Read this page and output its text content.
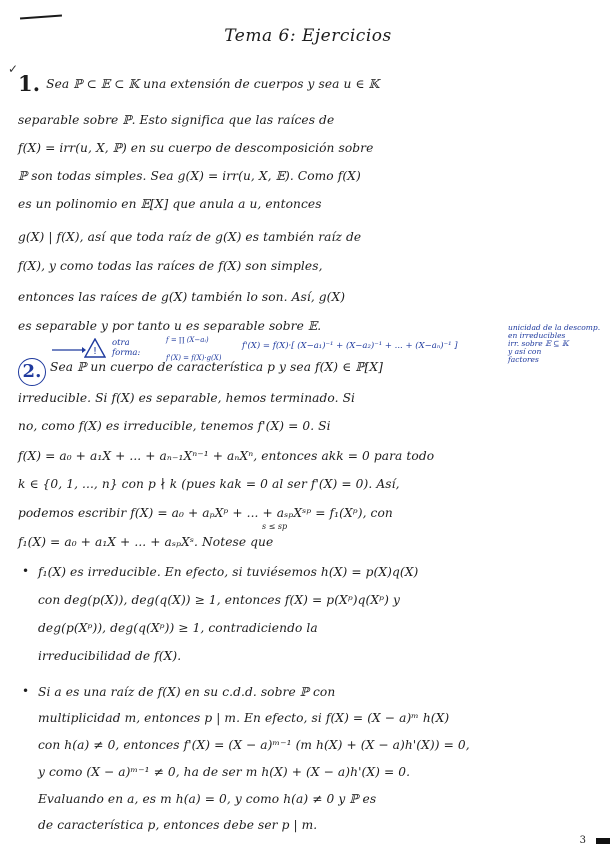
✓
Tema 6: Ejercicios
1. Sea ℙ ⊂ 𝔼 ⊂ 𝕂 una extensión de cuerpos y sea u ∈ 𝕂
separable sobre ℙ. Esto significa que las raíces de
f(X) = irr(u, X, ℙ) en su cuerpo de descomposición sobre
ℙ son todas simples. Sea g(X) = irr(u, X, 𝔼). Como f(X)
es un polinomio en 𝔼[X] que anula a u, entonces
g(X) | f(X), así que toda raíz de g(X) es también raíz de
f(X), y como todas las raíces de f(X) son simples,
entonces las raíces de g(X) también lo son. Así, g(X)
es separable y por tanto u es separable sobre 𝔼.	unicidad de la descomp.
en irreducibles
irr. sobre 𝔼 ⊆ 𝕂
y así con
factores
!
otra
forma:
f = ∏ (X−aᵢ)
f'(X) = f(X)·g(X)
f'(X) = f(X)·[ (X−a₁)⁻¹ + (X−a₂)⁻¹ + ... + (X−aₙ)⁻¹ ]
2. Sea ℙ un cuerpo de característica p y sea f(X) ∈ ℙ[X]
irreducible. Si f(X) es separable, hemos terminado. Si
no, como f(X) es irreducible, tenemos f'(X) = 0. Si
f(X) = a₀ + a₁X + ... + aₙ₋₁Xⁿ⁻¹ + aₙXⁿ, entonces akk = 0 para todo
k ∈ {0, 1, ..., n} con p ∤ k (pues kak = 0 al ser f'(X) = 0). Así,
podemos escribir f(X) = a₀ + aₚXᵖ + ... + aₛₚXˢᵖ = f₁(Xᵖ), con
s ≤ sp
f₁(X) = a₀ + a₁X + ... + aₛₚXˢ. Notese que
• f₁(X) es irreducible. En efecto, si tuviésemos h(X) = p(X)q(X)
con deg(p(X)), deg(q(X)) ≥ 1, entonces f(X) = p(Xᵖ)q(Xᵖ) y
deg(p(Xᵖ)), deg(q(Xᵖ)) ≥ 1, contradiciendo la
irreducibilidad de f(X).
• Si a es una raíz de f(X) en su c.d.d. sobre ℙ con
multiplicidad m, entonces p | m. En efecto, si f(X) = (X − a)ᵐ h(X)
con h(a) ≠ 0, entonces f'(X) = (X − a)ᵐ⁻¹ (m h(X) + (X − a)h'(X)) = 0,
y como (X − a)ᵐ⁻¹ ≠ 0, ha de ser m h(X) + (X − a)h'(X) = 0.
Evaluando en a, es m h(a) = 0, y como h(a) ≠ 0 y ℙ es
de característica p, entonces debe ser p | m.
3
